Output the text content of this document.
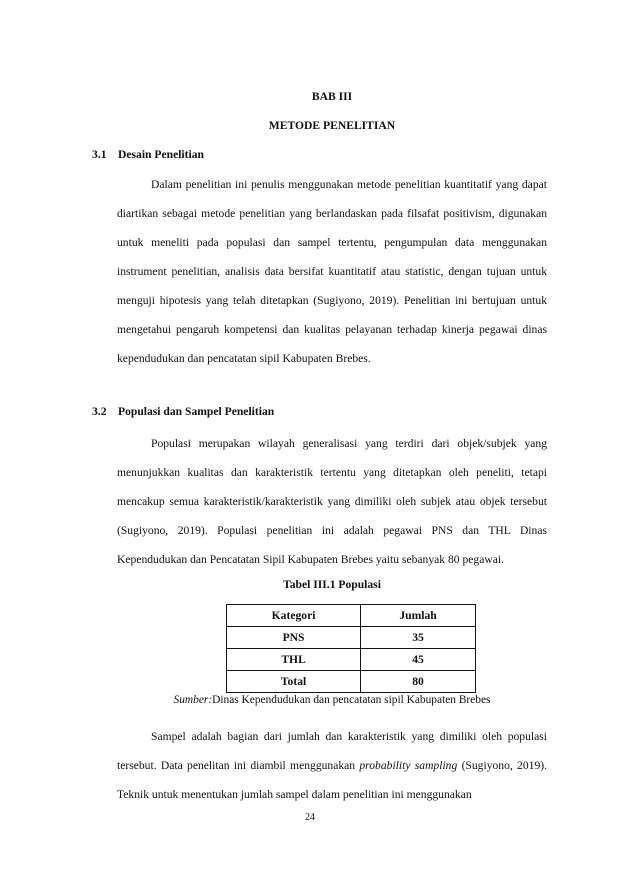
BAB III
METODE PENELITIAN
3.1 Desain Penelitian
Dalam penelitian ini penulis menggunakan metode penelitian kuantitatif yang dapat diartikan sebagai metode penelitian yang berlandaskan pada filsafat positivism, digunakan untuk meneliti pada populasi dan sampel tertentu, pengumpulan data menggunakan instrument penelitian, analisis data bersifat kuantitatif atau statistic, dengan tujuan untuk menguji hipotesis yang telah ditetapkan (Sugiyono, 2019). Penelitian ini bertujuan untuk mengetahui pengaruh kompetensi dan kualitas pelayanan terhadap kinerja pegawai dinas kependudukan dan pencatatan sipil Kabupaten Brebes.
3.2 Populasi dan Sampel Penelitian
Populasi merupakan wilayah generalisasi yang terdiri dari objek/subjek yang menunjukkan kualitas dan karakteristik tertentu yang ditetapkan oleh peneliti, tetapi mencakup semua karakteristik/karakteristik yang dimiliki oleh subjek atau objek tersebut (Sugiyono, 2019). Populasi penelitian ini adalah pegawai PNS dan THL Dinas Kependudukan dan Pencatatan Sipil Kabupaten Brebes yaitu sebanyak 80 pegawai.
Tabel III.1 Populasi
Kategori	Jumlah
PNS	35
THL	45
Total	80
Sumber:Dinas Kependudukan dan pencatatan sipil Kabupaten Brebes
Sampel adalah bagian dari jumlah dan karakteristik yang dimiliki oleh populasi tersebut. Data penelitan ini diambil menggunakan probability sampling (Sugiyono, 2019). Teknik untuk menentukan jumlah sampel dalam penelitian ini menggunakan
24
